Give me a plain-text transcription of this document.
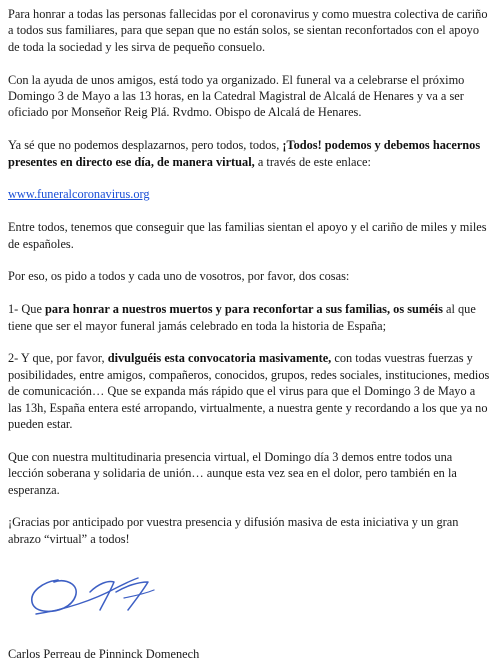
Para honrar a todas las personas fallecidas por el coronavirus y como muestra colectiva de cariño a todos sus familiares, para que sepan que no están solos, se sientan reconfortados con el apoyo de toda la sociedad y les sirva de pequeño consuelo.

Con la ayuda de unos amigos, está todo ya organizado. El funeral va a celebrarse el próximo Domingo 3 de Mayo a las 13 horas, en la Catedral Magistral de Alcalá de Henares y va a ser oficiado por Monseñor Reig Plá. Rvdmo. Obispo de Alcalá de Henares.

Ya sé que no podemos desplazarnos, pero todos, todos, ¡Todos! podemos y debemos hacernos presentes en directo ese día, de manera virtual, a través de este enlace:

www.funeralcoronavirus.org

Entre todos, tenemos que conseguir que las familias sientan el apoyo y el cariño de miles y miles de españoles.

Por eso, os pido a todos y cada uno de vosotros, por favor, dos cosas:

1- Que para honrar a nuestros muertos y para reconfortar a sus familias, os suméis al que tiene que ser el mayor funeral jamás celebrado en toda la historia de España;

2- Y que, por favor, divulguéis esta convocatoria masivamente, con todas vuestras fuerzas y posibilidades, entre amigos, compañeros, conocidos, grupos, redes sociales, instituciones, medios de comunicación… Que se expanda más rápido que el virus para que el Domingo 3 de Mayo a las 13h, España entera esté arropando, virtualmente, a nuestra gente y recordando a los que ya no pueden estar.

Que con nuestra multitudinaria presencia virtual, el Domingo día 3 demos entre todos una lección soberana y solidaria de unión… aunque esta vez sea en el dolor, pero también en la esperanza.

¡Gracias por anticipado por vuestra presencia y difusión masiva de esta iniciativa y un gran abrazo “virtual” a todos!

Carlos Perreau de Pinninck Domenech
